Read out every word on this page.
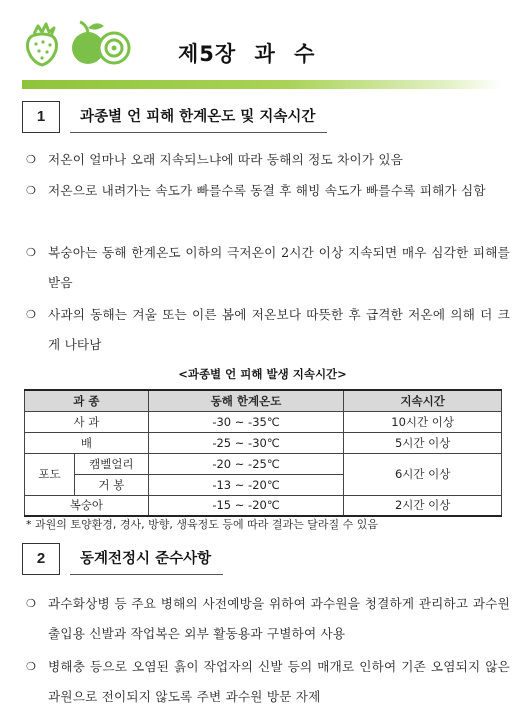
제5장 과 수
1	과종별 언 피해 한계온도 및 지속시간
❍ 저온이 얼마나 오래 지속되느냐에 따라 동해의 정도 차이가 있음
❍ 저온으로 내려가는 속도가 빠를수록 동결 후 해빙 속도가 빠를수록 피해가 심함
❍ 복숭아는 동해 한계온도 이하의 극저온이 2시간 이상 지속되면 매우 심각한 피해를 받음
❍ 사과의 동해는 겨울 또는 이른 봄에 저온보다 따뜻한 후 급격한 저온에 의해 더 크게 나타남
<과종별 언 피해 발생 지속시간>
과 종		동해 한계온도	지속시간
사 과		-30 ~ -35℃	10시간 이상
배		-25 ~ -30℃	5시간 이상
포도	캠벨얼리	-20 ~ -25℃	6시간 이상
	거 봉	-13 ~ -20℃	
복숭아		-15 ~ -20℃	2시간 이상
* 과원의 토양환경, 경사, 방향, 생육정도 등에 따라 결과는 달라질 수 있음
2	동계전정시 준수사항
❍ 과수화상병 등 주요 병해의 사전예방을 위하여 과수원을 청결하게 관리하고 과수원 출입용 신발과 작업복은 외부 활동용과 구별하여 사용
❍ 병해충 등으로 오염된 흙이 작업자의 신발 등의 매개로 인하여 기존 오염되지 않은 과원으로 전이되지 않도록 주변 과수원 방문 자제
